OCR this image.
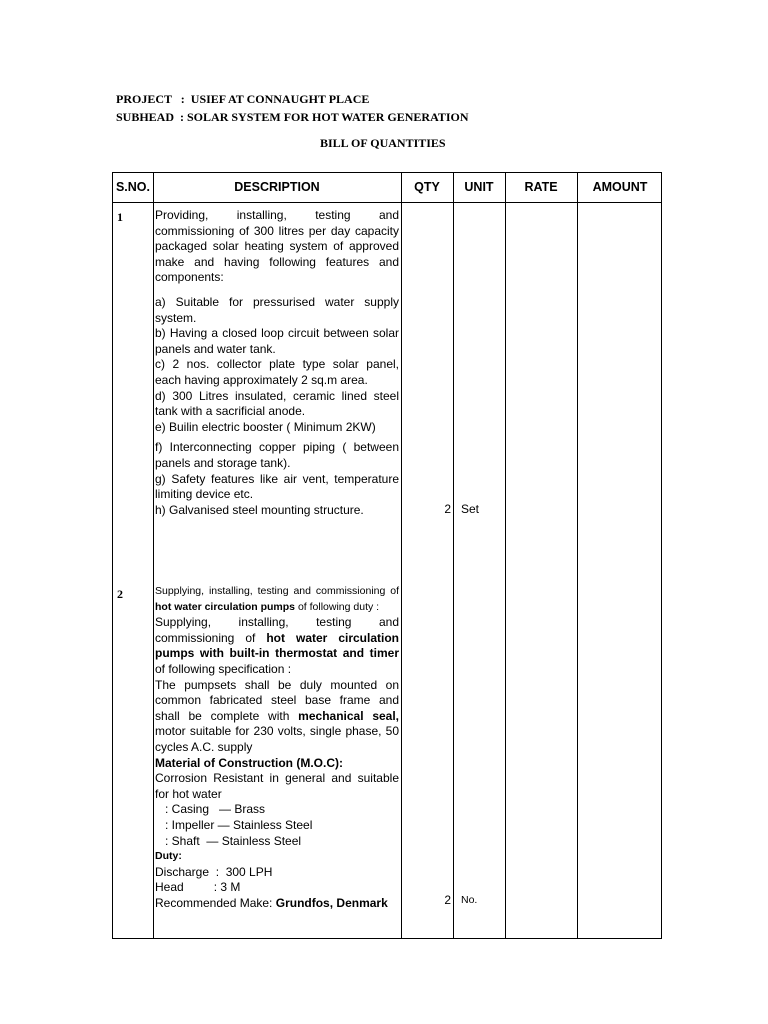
PROJECT   :  USIEF AT CONNAUGHT PLACE
SUBHEAD  : SOLAR SYSTEM FOR HOT WATER GENERATION
BILL OF QUANTITIES
S.NO.	DESCRIPTION	QTY	UNIT	RATE	AMOUNT
1	Providing, installing, testing and commissioning of 300 litres per day capacity packaged solar heating system of approved make and having following features and components:

a) Suitable for pressurised water supply system.

b) Having a closed loop circuit between solar panels and water tank.

c) 2 nos. collector plate type solar panel, each having approximately 2 sq.m area.

d) 300 Litres insulated, ceramic lined steel tank with a sacrificial anode.

e) Builin electric booster ( Minimum 2KW)

f) Interconnecting copper piping ( between panels and storage tank).

g) Safety features like air vent, temperature limiting device etc.

h) Galvanised steel mounting structure.	2 Set
2	Supplying, installing, testing and commissioning of hot water circulation pumps of following duty :

Supplying, installing, testing and commissioning of hot water circulation pumps with built-in thermostat and timer of following specification :

The pumpsets shall be duly mounted on common fabricated steel base frame and shall be complete with mechanical seal, motor suitable for 230 volts, single phase, 50 cycles A.C. supply

Material of Construction (M.O.C):

Corrosion Resistant in general and suitable for hot water

: Casing   — Brass

: Impeller — Stainless Steel

: Shaft  — Stainless Steel

Duty:

Discharge  :  300 LPH

Head         : 3 M

Recommended Make: Grundfos, Denmark	2 No.
